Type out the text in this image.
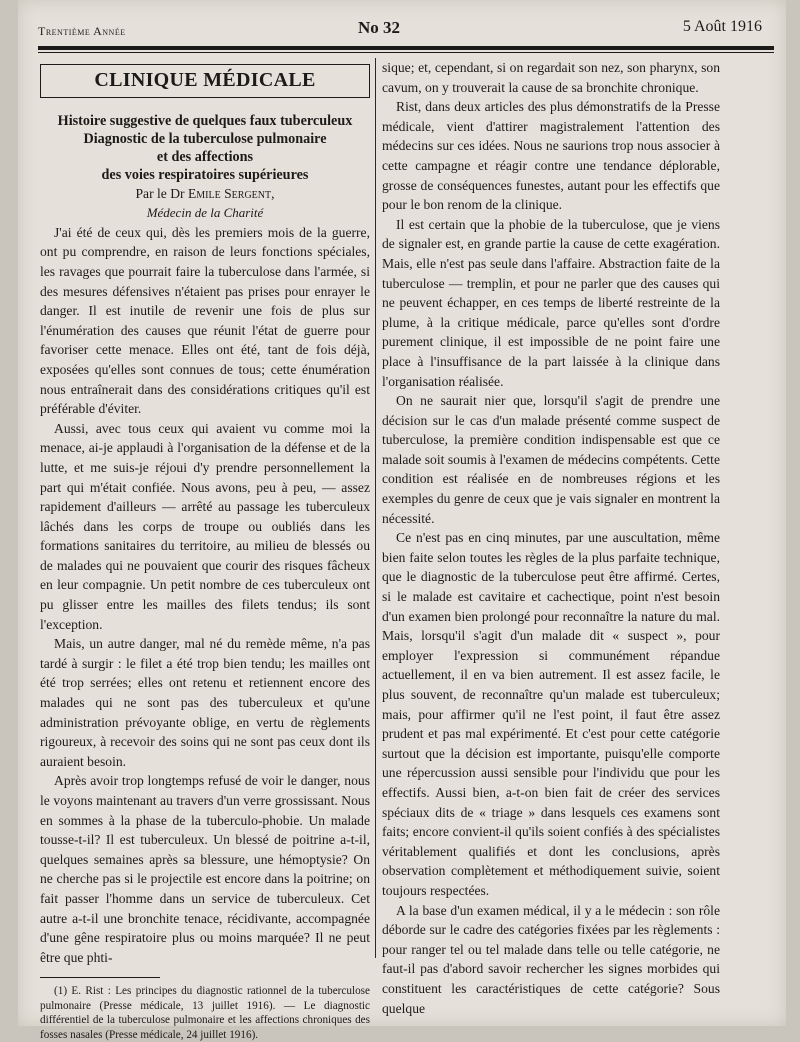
Trentième Année	No 32	5 Août 1916
CLINIQUE MÉDICALE

Histoire suggestive de quelques faux tuberculeux

Diagnostic de la tuberculose pulmonaire

et des affections

des voies respiratoires supérieures

Par le Dr Emile Sergent,

Médecin de la Charité

J'ai été de ceux qui, dès les premiers mois de la guerre, ont pu comprendre, en raison de leurs fonctions spéciales, les ravages que pourrait faire la tuberculose dans l'armée, si des mesures défensives n'étaient pas prises pour enrayer le danger. Il est inutile de revenir une fois de plus sur l'énumération des causes que réunit l'état de guerre pour favoriser cette menace. Elles ont été, tant de fois déjà, exposées qu'elles sont connues de tous; cette énumération nous entraînerait dans des considérations critiques qu'il est préférable d'éviter.

Aussi, avec tous ceux qui avaient vu comme moi la menace, ai-je applaudi à l'organisation de la défense et de la lutte, et me suis-je réjoui d'y prendre personnellement la part qui m'était confiée. Nous avons, peu à peu, — assez rapidement d'ailleurs — arrêté au passage les tuberculeux lâchés dans les corps de troupe ou oubliés dans les formations sanitaires du territoire, au milieu de blessés ou de malades qui ne pouvaient que courir des risques fâcheux en leur compagnie. Un petit nombre de ces tuberculeux ont pu glisser entre les mailles des filets tendus; ils sont l'exception.

Mais, un autre danger, mal né du remède même, n'a pas tardé à surgir : le filet a été trop bien tendu; les mailles ont été trop serrées; elles ont retenu et retiennent encore des malades qui ne sont pas des tuberculeux et qu'une administration prévoyante oblige, en vertu de règlements rigoureux, à recevoir des soins qui ne sont pas ceux dont ils auraient besoin.

Après avoir trop longtemps refusé de voir le danger, nous le voyons maintenant au travers d'un verre grossissant. Nous en sommes à la phase de la tuberculo-phobie. Un malade tousse-t-il? Il est tuberculeux. Un blessé de poitrine a-t-il, quelques semaines après sa blessure, une hémoptysie? On ne cherche pas si le projectile est encore dans la poitrine; on fait passer l'homme dans un service de tuberculeux. Cet autre a-t-il une bronchite tenace, récidivante, accompagnée d'une gêne respiratoire plus ou moins marquée? Il ne peut être que phti-

(1) E. Rist : Les principes du diagnostic rationnel de la tuberculose pulmonaire (Presse médicale, 13 juillet 1916). — Le diagnostic différentiel de la tuberculose pulmonaire et les affections chroniques des fosses nasales (Presse médicale, 24 juillet 1916).

sique; et, cependant, si on regardait son nez, son pharynx, son cavum, on y trouverait la cause de sa bronchite chronique.

Rist, dans deux articles des plus démonstratifs de la Presse médicale, vient d'attirer magistralement l'attention des médecins sur ces idées. Nous ne saurions trop nous associer à cette campagne et réagir contre une tendance déplorable, grosse de conséquences funestes, autant pour les effectifs que pour le bon renom de la clinique.

Il est certain que la phobie de la tuberculose, que je viens de signaler est, en grande partie la cause de cette exagération. Mais, elle n'est pas seule dans l'affaire. Abstraction faite de la tuberculose — tremplin, et pour ne parler que des causes qui ne peuvent échapper, en ces temps de liberté restreinte de la plume, à la critique médicale, parce qu'elles sont d'ordre purement clinique, il est impossible de ne point faire une place à l'insuffisance de la part laissée à la clinique dans l'organisation réalisée.

On ne saurait nier que, lorsqu'il s'agit de prendre une décision sur le cas d'un malade présenté comme suspect de tuberculose, la première condition indispensable est que ce malade soit soumis à l'examen de médecins compétents. Cette condition est réalisée en de nombreuses régions et les exemples du genre de ceux que je vais signaler en montrent la nécessité.

Ce n'est pas en cinq minutes, par une auscultation, même bien faite selon toutes les règles de la plus parfaite technique, que le diagnostic de la tuberculose peut être affirmé. Certes, si le malade est cavitaire et cachectique, point n'est besoin d'un examen bien prolongé pour reconnaître la nature du mal. Mais, lorsqu'il s'agit d'un malade dit « suspect », pour employer l'expression si communément répandue actuellement, il en va bien autrement. Il est assez facile, le plus souvent, de reconnaître qu'un malade est tuberculeux; mais, pour affirmer qu'il ne l'est point, il faut être assez prudent et pas mal expérimenté. Et c'est pour cette catégorie surtout que la décision est importante, puisqu'elle comporte une répercussion aussi sensible pour l'individu que pour les effectifs. Aussi bien, a-t-on bien fait de créer des services spéciaux dits de « triage » dans lesquels ces examens sont faits; encore convient-il qu'ils soient confiés à des spécialistes véritablement qualifiés et dont les conclusions, après observation complètement et méthodiquement suivie, soient toujours respectées.

A la base d'un examen médical, il y a le médecin : son rôle déborde sur le cadre des catégories fixées par les règlements : pour ranger tel ou tel malade dans telle ou telle catégorie, ne faut-il pas d'abord savoir rechercher les signes morbides qui constituent les caractéristiques de cette catégorie? Sous quelque
